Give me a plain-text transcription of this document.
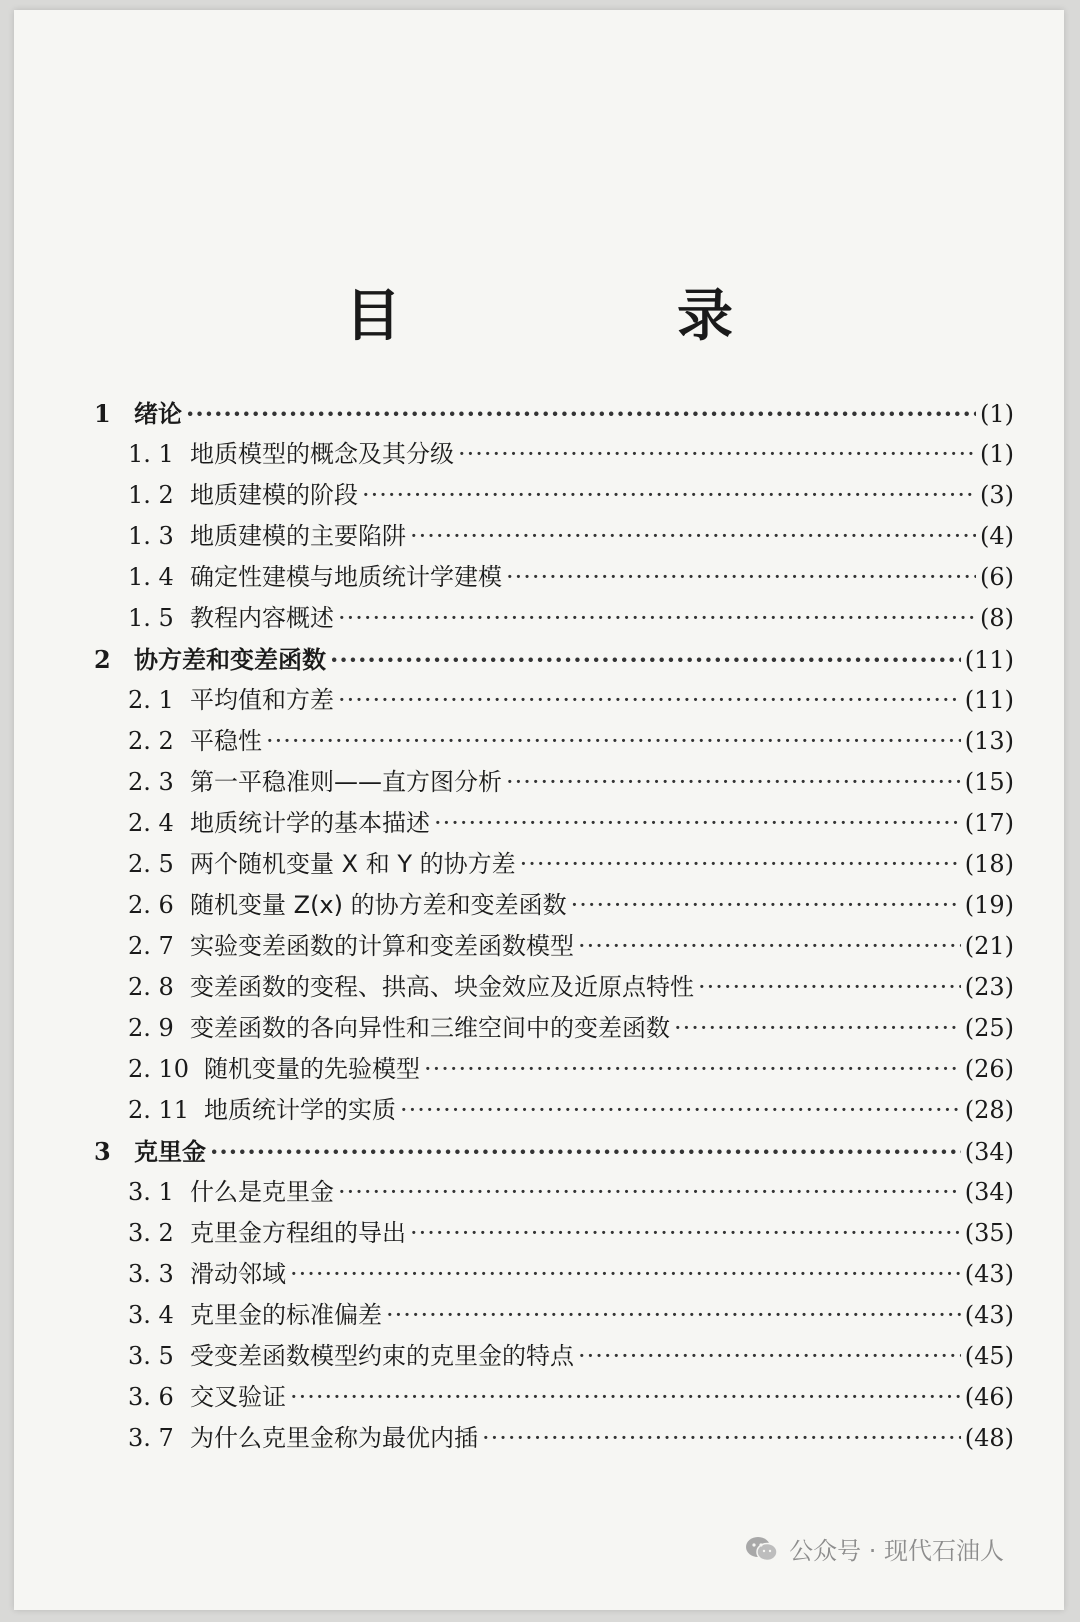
目　录
1 绪论 ·····	(1)
1. 1 地质模型的概念及其分级 ·····	(1)
1. 2 地质建模的阶段 ·····	(3)
1. 3 地质建模的主要陷阱 ·····	(4)
1. 4 确定性建模与地质统计学建模 ·····	(6)
1. 5 教程内容概述 ·····	(8)
2 协方差和变差函数 ·····	(11)
2. 1 平均值和方差 ·····	(11)
2. 2 平稳性 ·····	(13)
2. 3 第一平稳准则——直方图分析 ·····	(15)
2. 4 地质统计学的基本描述 ·····	(17)
2. 5 两个随机变量 X 和 Y 的协方差 ·····	(18)
2. 6 随机变量 Z(x) 的协方差和变差函数 ·····	(19)
2. 7 实验变差函数的计算和变差函数模型 ·····	(21)
2. 8 变差函数的变程、拱高、块金效应及近原点特性 ·····	(23)
2. 9 变差函数的各向异性和三维空间中的变差函数 ·····	(25)
2. 10 随机变量的先验模型 ·····	(26)
2. 11 地质统计学的实质 ·····	(28)
3 克里金 ·····	(34)
3. 1 什么是克里金 ·····	(34)
3. 2 克里金方程组的导出 ·····	(35)
3. 3 滑动邻域 ·····	(43)
3. 4 克里金的标准偏差 ·····	(43)
3. 5 受变差函数模型约束的克里金的特点 ·····	(45)
3. 6 交叉验证 ·····	(46)
3. 7 为什么克里金称为最优内插 ·····	(48)
公众号 · 现代石油人
